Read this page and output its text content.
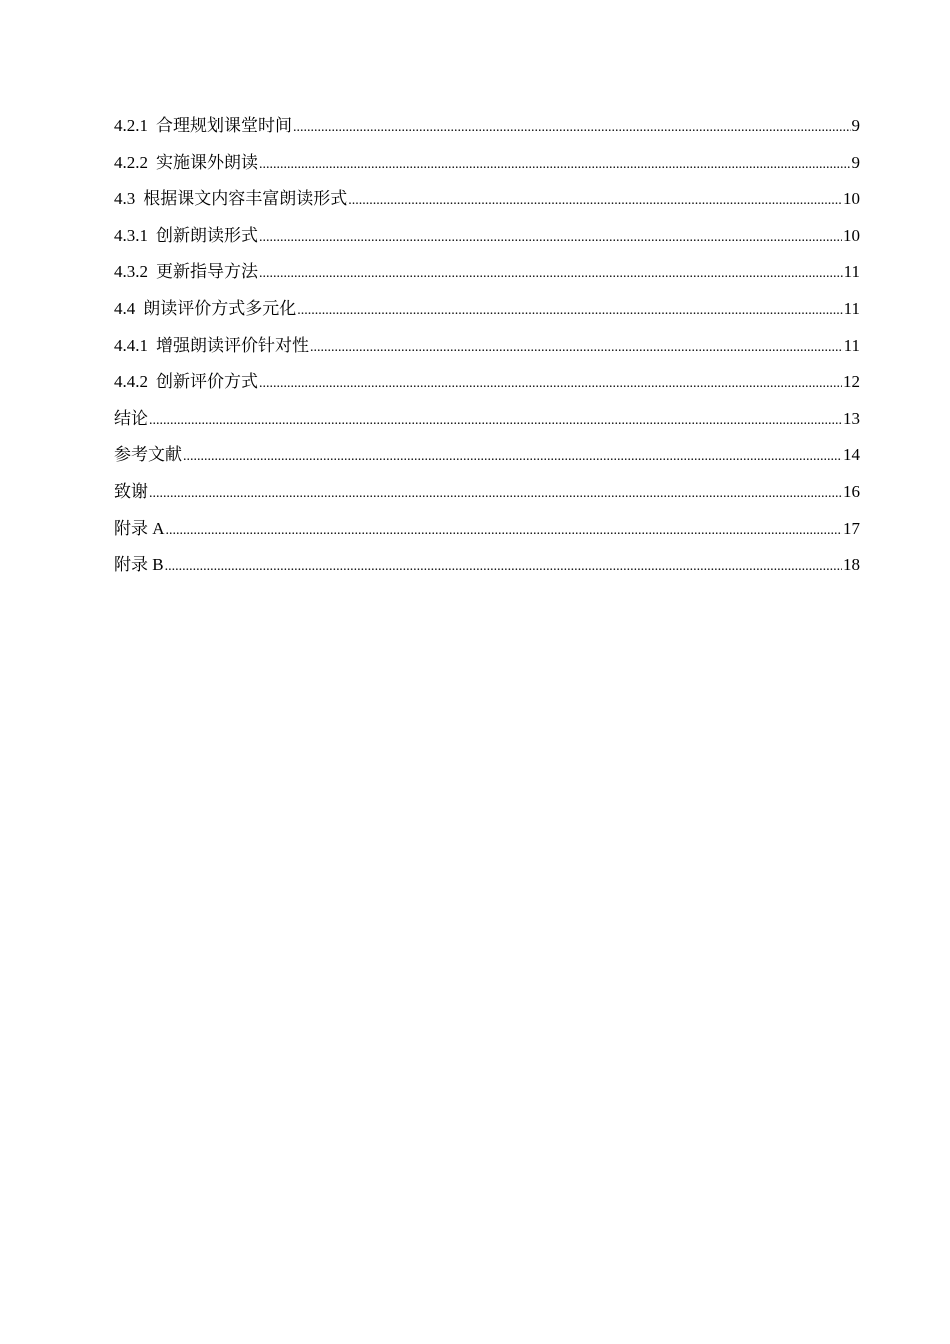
4.2.1 合理规划课堂时间 .....	9
4.2.2 实施课外朗读 .....	9
4.3 根据课文内容丰富朗读形式 .....	10
4.3.1 创新朗读形式 .....	10
4.3.2 更新指导方法 .....	11
4.4 朗读评价方式多元化 .....	11
4.4.1 增强朗读评价针对性 .....	11
4.4.2 创新评价方式 .....	12
结论 .....	13
参考文献 .....	14
致谢 .....	16
附录 A .....	17
附录 B .....	18
